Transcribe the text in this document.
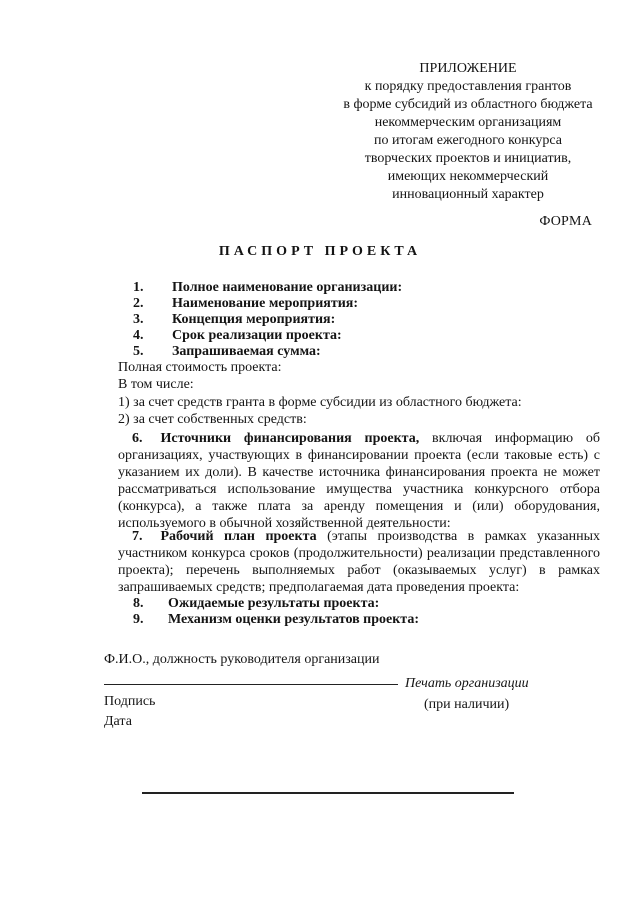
ПРИЛОЖЕНИЕ
к порядку предоставления грантов
в форме субсидий из областного бюджета
некоммерческим организациям
по итогам ежегодного конкурса
творческих проектов и инициатив,
имеющих некоммерческий
инновационный характер
ФОРМА
ПАСПОРТ ПРОЕКТА
1. Полное наименование организации:
2. Наименование мероприятия:
3. Концепция мероприятия:
4. Срок реализации проекта:
5. Запрашиваемая сумма:
Полная стоимость проекта:
В том числе:
1) за счет средств гранта в форме субсидии из областного бюджета:
2) за счет собственных средств:
6. Источники финансирования проекта, включая информацию об организациях, участвующих в финансировании проекта (если таковые есть) с указанием их доли). В качестве источника финансирования проекта не может рассматриваться использование имущества участника конкурсного отбора (конкурса), а также плата за аренду помещения и (или) оборудования, используемого в обычной хозяйственной деятельности:
7. Рабочий план проекта (этапы производства в рамках указанных участником конкурса сроков (продолжительности) реализации представленного проекта); перечень выполняемых работ (оказываемых услуг) в рамках запрашиваемых средств; предполагаемая дата проведения проекта:
8. Ожидаемые результаты проекта:
9. Механизм оценки результатов проекта:
Ф.И.О., должность руководителя организации
Печать организации
Подпись	(при наличии)
Дата
